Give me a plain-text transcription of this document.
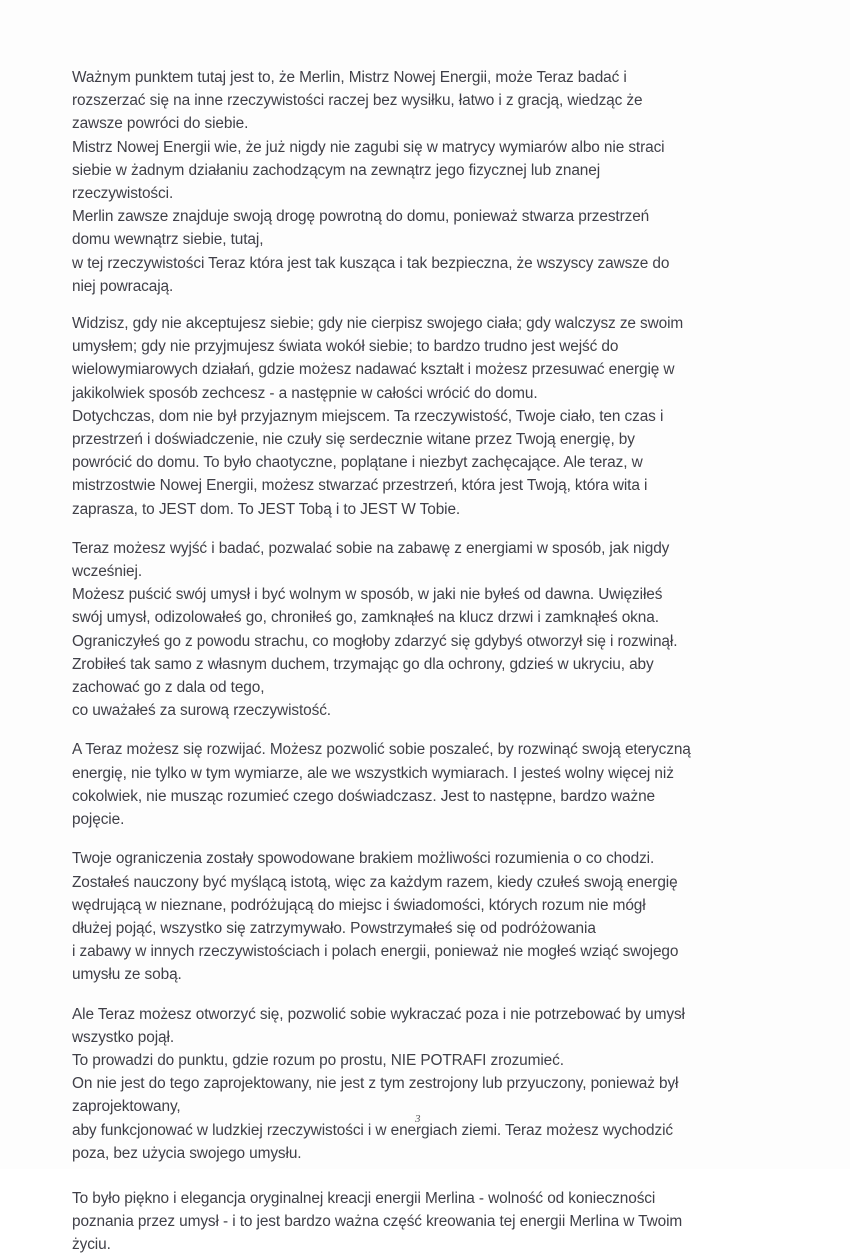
Ważnym punktem tutaj jest to, że Merlin, Mistrz Nowej Energii, może Teraz badać i
rozszerzać się na inne rzeczywistości raczej bez wysiłku, łatwo i z gracją, wiedząc że
zawsze powróci do siebie.
Mistrz Nowej Energii wie, że już nigdy nie zagubi się w matrycy wymiarów albo nie straci
siebie w żadnym działaniu zachodzącym na zewnątrz jego fizycznej lub znanej
rzeczywistości.
Merlin zawsze znajduje swoją drogę powrotną do domu, ponieważ stwarza przestrzeń
domu wewnątrz siebie, tutaj,
w tej rzeczywistości Teraz która jest tak kusząca i tak bezpieczna, że wszyscy zawsze do
niej powracają.

Widzisz, gdy nie akceptujesz siebie; gdy nie cierpisz swojego ciała; gdy walczysz ze swoim
umysłem; gdy nie przyjmujesz świata wokół siebie; to bardzo trudno jest wejść do
wielowymiarowych działań, gdzie możesz nadawać kształt i możesz przesuwać energię w
jakikolwiek sposób zechcesz - a następnie w całości wrócić do domu.
Dotychczas, dom nie był przyjaznym miejscem. Ta rzeczywistość, Twoje ciało, ten czas i
przestrzeń i doświadczenie, nie czuły się serdecznie witane przez Twoją energię, by
powrócić do domu. To było chaotyczne, poplątane i niezbyt zachęcające. Ale teraz, w
mistrzostwie Nowej Energii, możesz stwarzać przestrzeń, która jest Twoją, która wita i
zaprasza, to JEST dom. To JEST Tobą i to JEST W Tobie.

Teraz możesz wyjść i badać, pozwalać sobie na zabawę z energiami w sposób, jak nigdy
wcześniej.
Możesz puścić swój umysł i być wolnym w sposób, w jaki nie byłeś od dawna. Uwięziłeś
swój umysł, odizolowałeś go, chroniłeś go, zamknąłeś na klucz drzwi i zamknąłeś okna.
Ograniczyłeś go z powodu strachu, co mogłoby zdarzyć się gdybyś otworzył się i rozwinął.
Zrobiłeś tak samo z własnym duchem, trzymając go dla ochrony, gdzieś w ukryciu, aby
zachować go z dala od tego,
co uważałeś za surową rzeczywistość.

A Teraz możesz się rozwijać. Możesz pozwolić sobie poszaleć, by rozwinąć swoją eteryczną
energię, nie tylko w tym wymiarze, ale we wszystkich wymiarach. I jesteś wolny więcej niż
cokolwiek, nie musząc rozumieć czego doświadczasz. Jest to następne, bardzo ważne
pojęcie.

Twoje ograniczenia zostały spowodowane brakiem możliwości rozumienia o co chodzi.
Zostałeś nauczony być myślącą istotą, więc za każdym razem, kiedy czułeś swoją energię
wędrującą w nieznane, podróżującą do miejsc i świadomości, których rozum nie mógł
dłużej pojąć, wszystko się zatrzymywało. Powstrzymałeś się od podróżowania
i zabawy w innych rzeczywistościach i polach energii, ponieważ nie mogłeś wziąć swojego
umysłu ze sobą.

Ale Teraz możesz otworzyć się, pozwolić sobie wykraczać poza i nie potrzebować by umysł
wszystko pojął.
To prowadzi do punktu, gdzie rozum po prostu, NIE POTRAFI zrozumieć.
On nie jest do tego zaprojektowany, nie jest z tym zestrojony lub przyuczony, ponieważ był
zaprojektowany,
aby funkcjonować w ludzkiej rzeczywistości i w energiach ziemi. Teraz możesz wychodzić
poza, bez użycia swojego umysłu.

To było piękno i elegancja oryginalnej kreacji energii Merlina - wolność od konieczności
poznania przez umysł - i to jest bardzo ważna część kreowania tej energii Merlina w Twoim
życiu.

3
